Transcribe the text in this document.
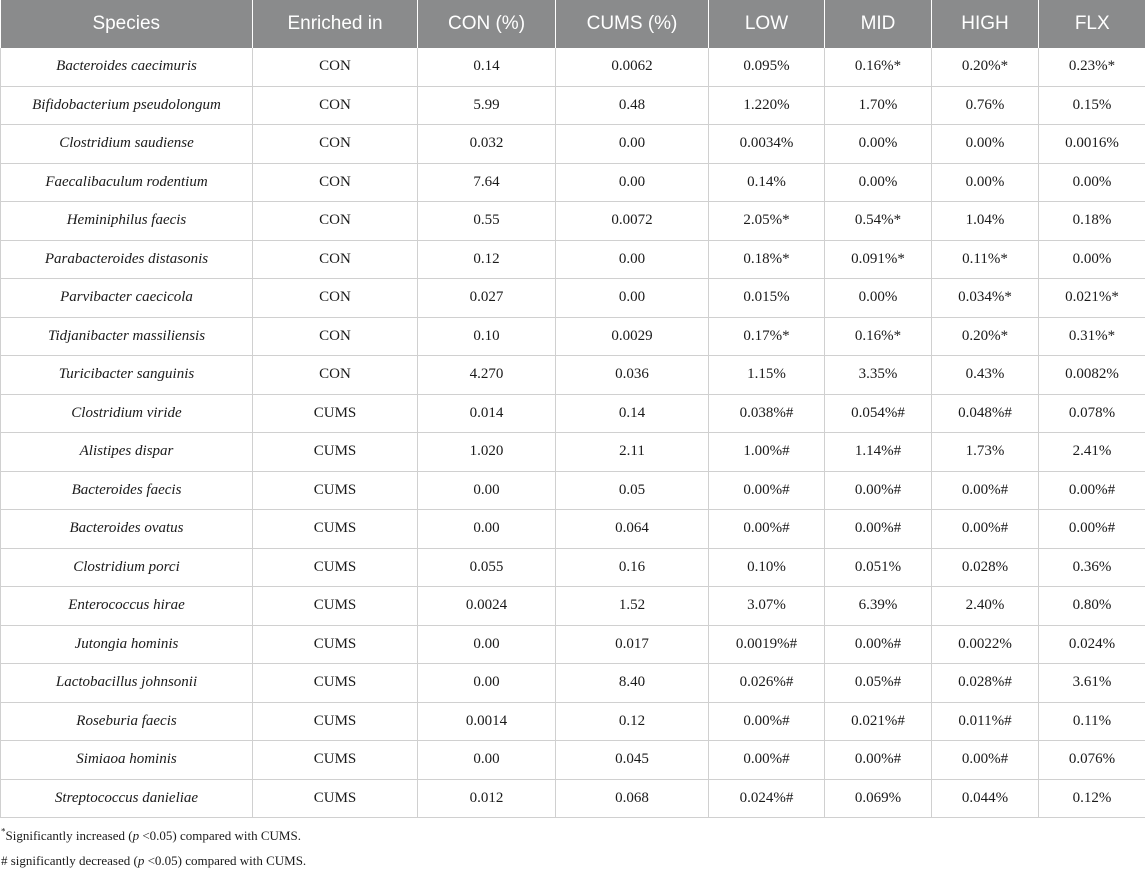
Species	Enriched in	CON (%)	CUMS (%)	LOW	MID	HIGH	FLX
Bacteroides caecimuris	CON	0.14	0.0062	0.095%	0.16%*	0.20%*	0.23%*
Bifidobacterium pseudolongum	CON	5.99	0.48	1.220%	1.70%	0.76%	0.15%
Clostridium saudiense	CON	0.032	0.00	0.0034%	0.00%	0.00%	0.0016%
Faecalibaculum rodentium	CON	7.64	0.00	0.14%	0.00%	0.00%	0.00%
Heminiphilus faecis	CON	0.55	0.0072	2.05%*	0.54%*	1.04%	0.18%
Parabacteroides distasonis	CON	0.12	0.00	0.18%*	0.091%*	0.11%*	0.00%
Parvibacter caecicola	CON	0.027	0.00	0.015%	0.00%	0.034%*	0.021%*
Tidjanibacter massiliensis	CON	0.10	0.0029	0.17%*	0.16%*	0.20%*	0.31%*
Turicibacter sanguinis	CON	4.270	0.036	1.15%	3.35%	0.43%	0.0082%
Clostridium viride	CUMS	0.014	0.14	0.038%#	0.054%#	0.048%#	0.078%
Alistipes dispar	CUMS	1.020	2.11	1.00%#	1.14%#	1.73%	2.41%
Bacteroides faecis	CUMS	0.00	0.05	0.00%#	0.00%#	0.00%#	0.00%#
Bacteroides ovatus	CUMS	0.00	0.064	0.00%#	0.00%#	0.00%#	0.00%#
Clostridium porci	CUMS	0.055	0.16	0.10%	0.051%	0.028%	0.36%
Enterococcus hirae	CUMS	0.0024	1.52	3.07%	6.39%	2.40%	0.80%
Jutongia hominis	CUMS	0.00	0.017	0.0019%#	0.00%#	0.0022%	0.024%
Lactobacillus johnsonii	CUMS	0.00	8.40	0.026%#	0.05%#	0.028%#	3.61%
Roseburia faecis	CUMS	0.0014	0.12	0.00%#	0.021%#	0.011%#	0.11%
Simiaoa hominis	CUMS	0.00	0.045	0.00%#	0.00%#	0.00%#	0.076%
Streptococcus danieliae	CUMS	0.012	0.068	0.024%#	0.069%	0.044%	0.12%
*Significantly increased (p <0.05) compared with CUMS.
# significantly decreased (p <0.05) compared with CUMS.
